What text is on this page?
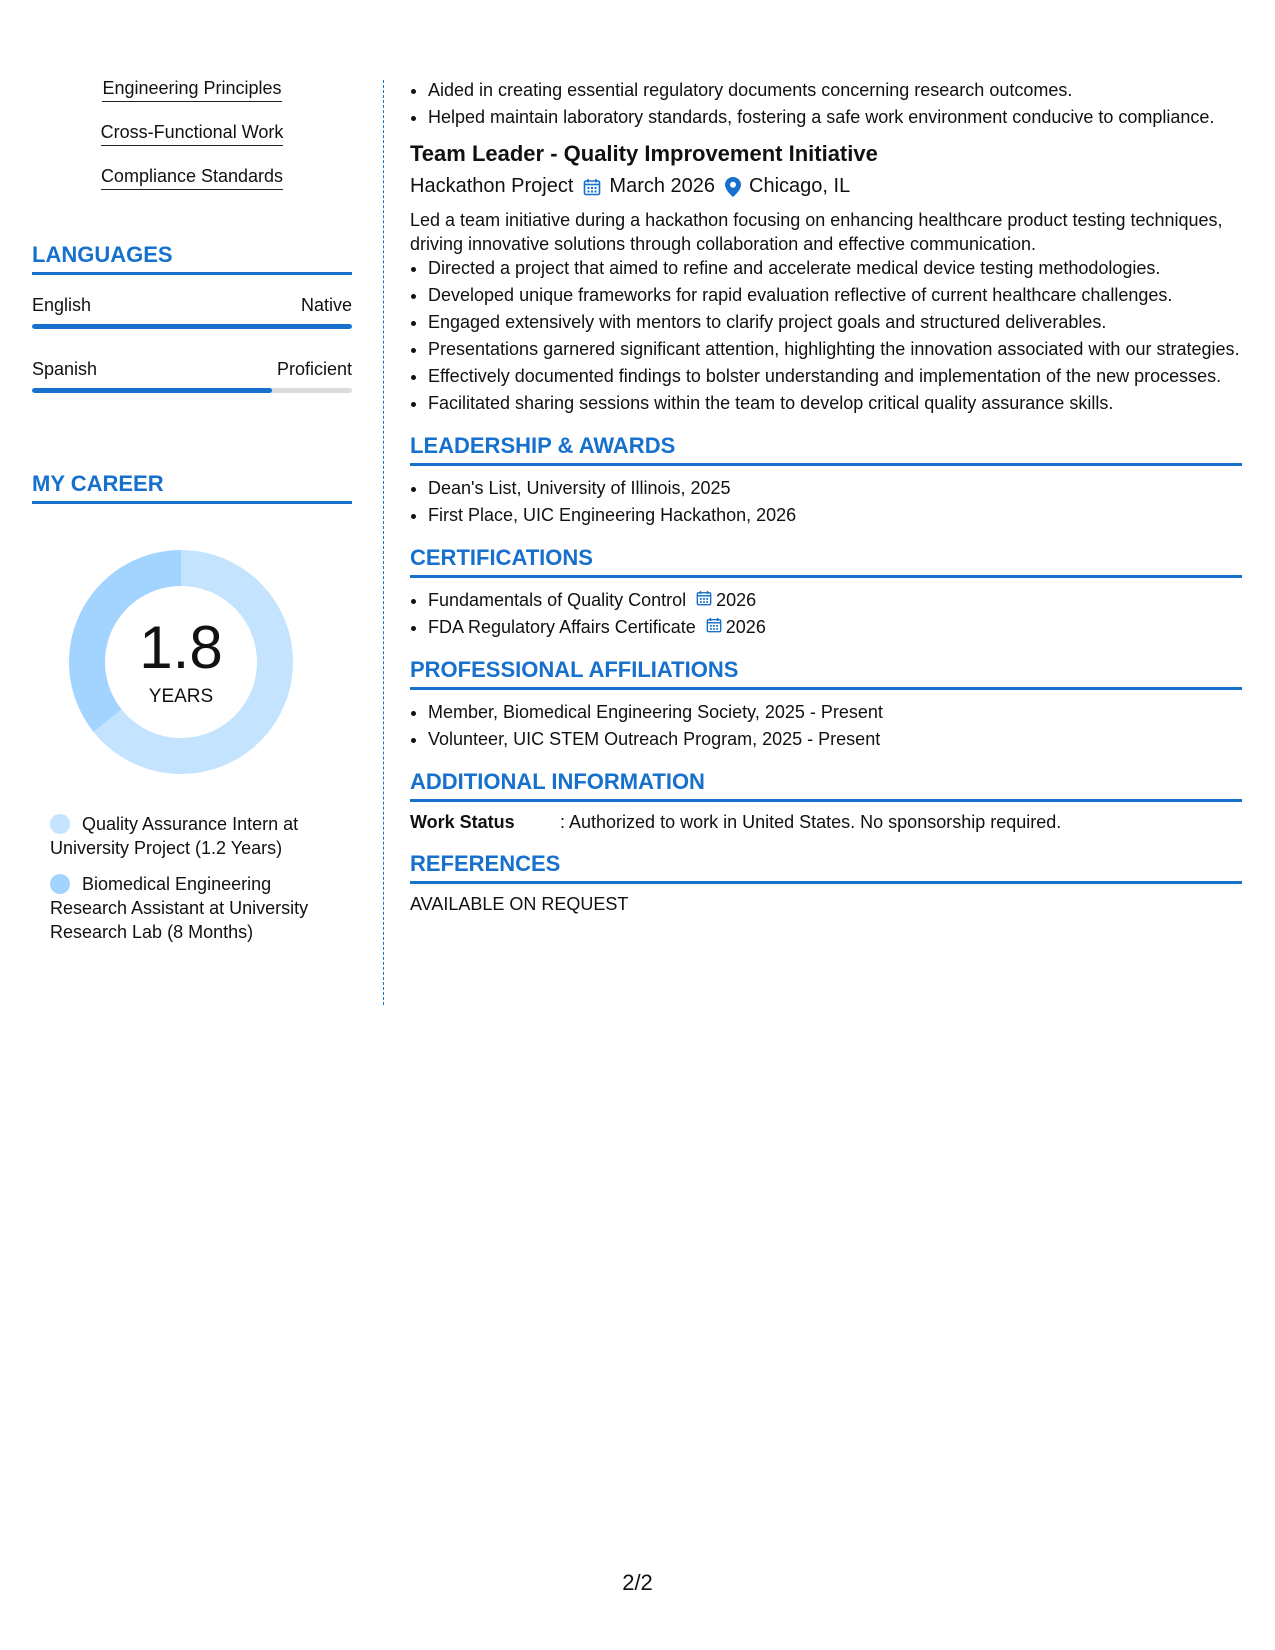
Engineering Principles
Cross-Functional Work
Compliance Standards
LANGUAGES
English	Native
Spanish	Proficient
MY CAREER
1.8
YEARS
Quality Assurance Intern at University Project (1.2 Years)
Biomedical Engineering Research Assistant at University Research Lab (8 Months)
• Aided in creating essential regulatory documents concerning research outcomes.
• Helped maintain laboratory standards, fostering a safe work environment conducive to compliance.
Team Leader - Quality Improvement Initiative
Hackathon Project March 2026 Chicago, IL
Led a team initiative during a hackathon focusing on enhancing healthcare product testing techniques, driving innovative solutions through collaboration and effective communication.
• Directed a project that aimed to refine and accelerate medical device testing methodologies.
• Developed unique frameworks for rapid evaluation reflective of current healthcare challenges.
• Engaged extensively with mentors to clarify project goals and structured deliverables.
• Presentations garnered significant attention, highlighting the innovation associated with our strategies.
• Effectively documented findings to bolster understanding and implementation of the new processes.
• Facilitated sharing sessions within the team to develop critical quality assurance skills.
LEADERSHIP & AWARDS
• Dean's List, University of Illinois, 2025
• First Place, UIC Engineering Hackathon, 2026
CERTIFICATIONS
• Fundamentals of Quality Control 2026
• FDA Regulatory Affairs Certificate 2026
PROFESSIONAL AFFILIATIONS
• Member, Biomedical Engineering Society, 2025 - Present
• Volunteer, UIC STEM Outreach Program, 2025 - Present
ADDITIONAL INFORMATION
Work Status	: Authorized to work in United States. No sponsorship required.
REFERENCES
AVAILABLE ON REQUEST
2/2
